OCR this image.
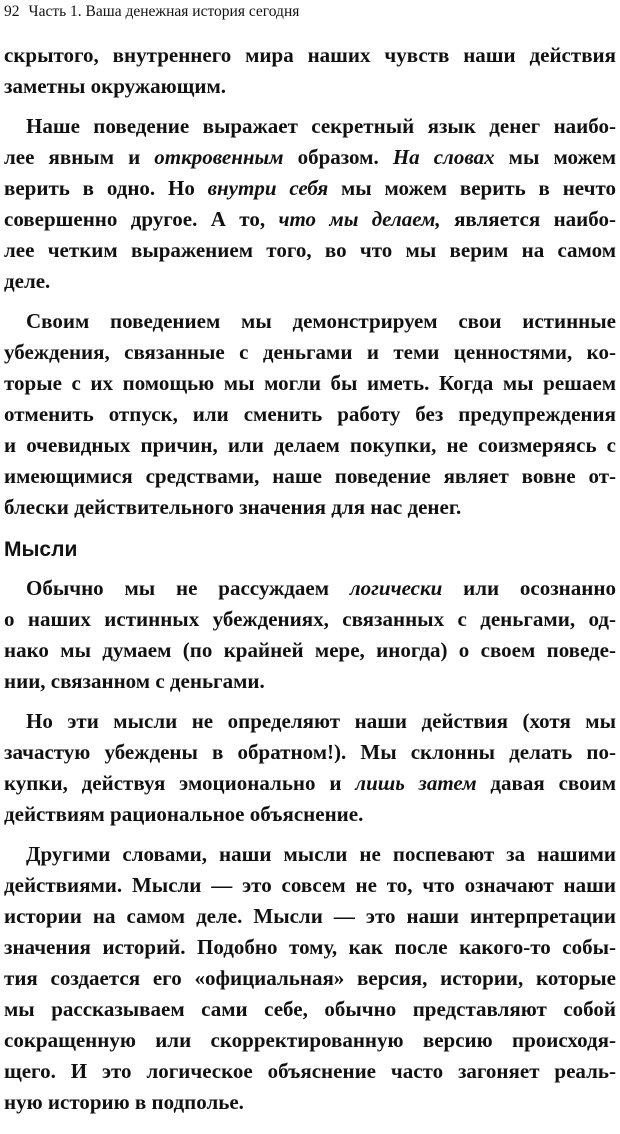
92 Часть 1. Ваша денежная история сегодня
скрытого, внутреннего мира наших чувств наши действия
заметны окружающим.
Наше поведение выражает секретный язык денег наибо-
лее явным и откровенным образом. На словах мы можем
верить в одно. Но внутри себя мы можем верить в нечто
совершенно другое. А то, что мы делаем, является наибо-
лее четким выражением того, во что мы верим на самом
деле.
Своим поведением мы демонстрируем свои истинные
убеждения, связанные с деньгами и теми ценностями, ко-
торые с их помощью мы могли бы иметь. Когда мы решаем
отменить отпуск, или сменить работу без предупреждения
и очевидных причин, или делаем покупки, не соизмеряясь с
имеющимися средствами, наше поведение являет вовне от-
блески действительного значения для нас денег.
Мысли
Обычно мы не рассуждаем логически или осознанно
о наших истинных убеждениях, связанных с деньгами, од-
нако мы думаем (по крайней мере, иногда) о своем поведе-
нии, связанном с деньгами.
Но эти мысли не определяют наши действия (хотя мы
зачастую убеждены в обратном!). Мы склонны делать по-
купки, действуя эмоционально и лишь затем давая своим
действиям рациональное объяснение.
Другими словами, наши мысли не поспевают за нашими
действиями. Мысли — это совсем не то, что означают наши
истории на самом деле. Мысли — это наши интерпретации
значения историй. Подобно тому, как после какого-то собы-
тия создается его «официальная» версия, истории, которые
мы рассказываем сами себе, обычно представляют собой
сокращенную или скорректированную версию происходя-
щего. И это логическое объяснение часто загоняет реаль-
ную историю в подполье.
